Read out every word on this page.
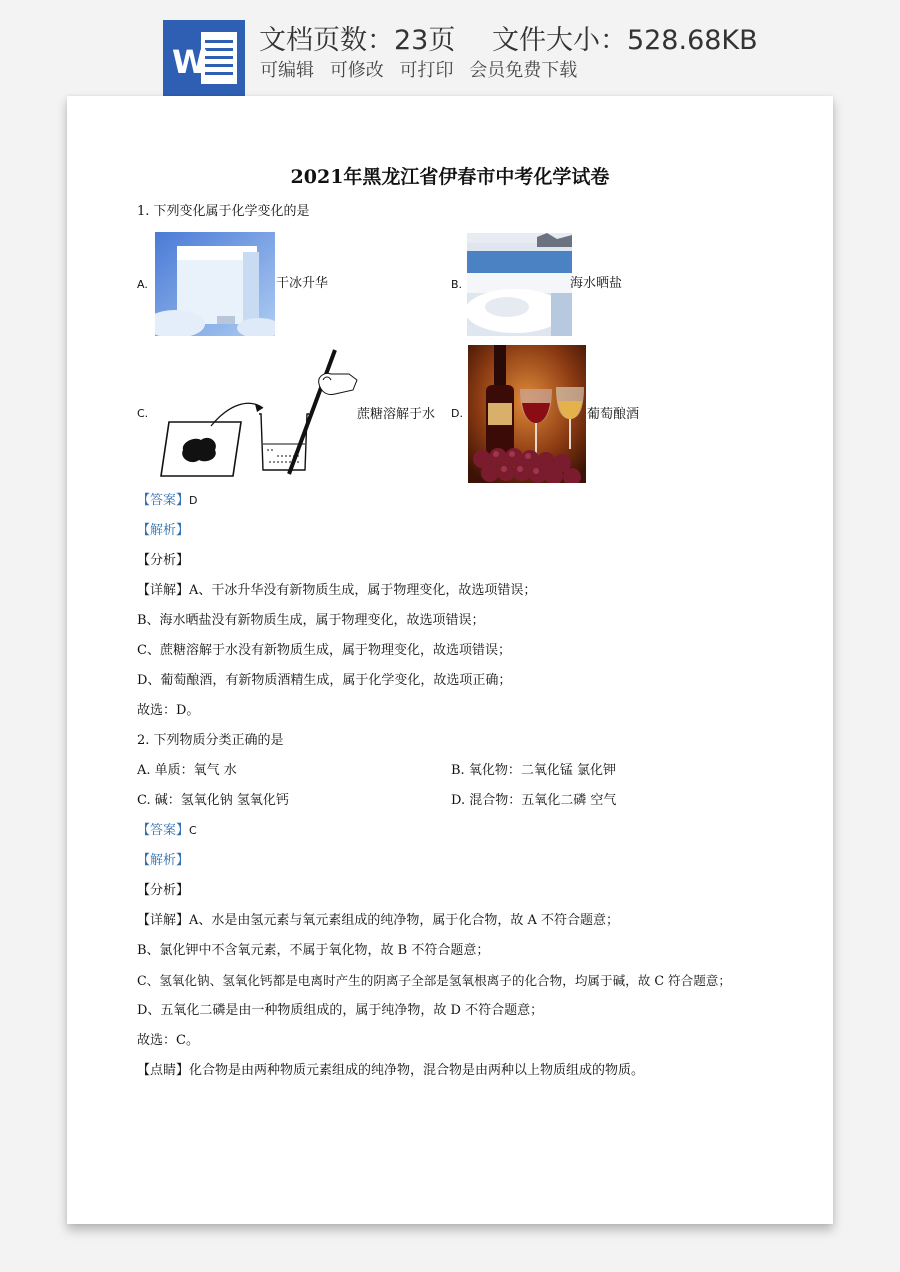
W
文档页数：23页 文件大小：528.68KB
可编辑 可修改 可打印 会员免费下载
2021年黑龙江省伊春市中考化学试卷
1. 下列变化属于化学变化的是
A.	干冰升华	B.	海水晒盐
C.	蔗糖溶解于水 D.	葡萄酿酒
【答案】D
【解析】
【分析】
【详解】A、干冰升华没有新物质生成，属于物理变化，故选项错误；
B、海水晒盐没有新物质生成，属于物理变化，故选项错误；
C、蔗糖溶解于水没有新物质生成，属于物理变化，故选项错误；
D、葡萄酿酒，有新物质酒精生成，属于化学变化，故选项正确；
故选：D。
2. 下列物质分类正确的是
A. 单质：氧气 水	B. 氧化物：二氧化锰 氯化钾
C. 碱：氢氧化钠 氢氧化钙	D. 混合物：五氧化二磷 空气
【答案】C
【解析】
【分析】
【详解】A、水是由氢元素与氧元素组成的纯净物，属于化合物，故 A 不符合题意；
B、氯化钾中不含氧元素，不属于氧化物，故 B 不符合题意；
C、氢氧化钠、氢氧化钙都是电离时产生的阴离子全部是氢氧根离子的化合物，均属于碱，故 C 符合题意；
D、五氧化二磷是由一种物质组成的，属于纯净物，故 D 不符合题意；
故选：C。
【点睛】化合物是由两种物质元素组成的纯净物，混合物是由两种以上物质组成的物质。
